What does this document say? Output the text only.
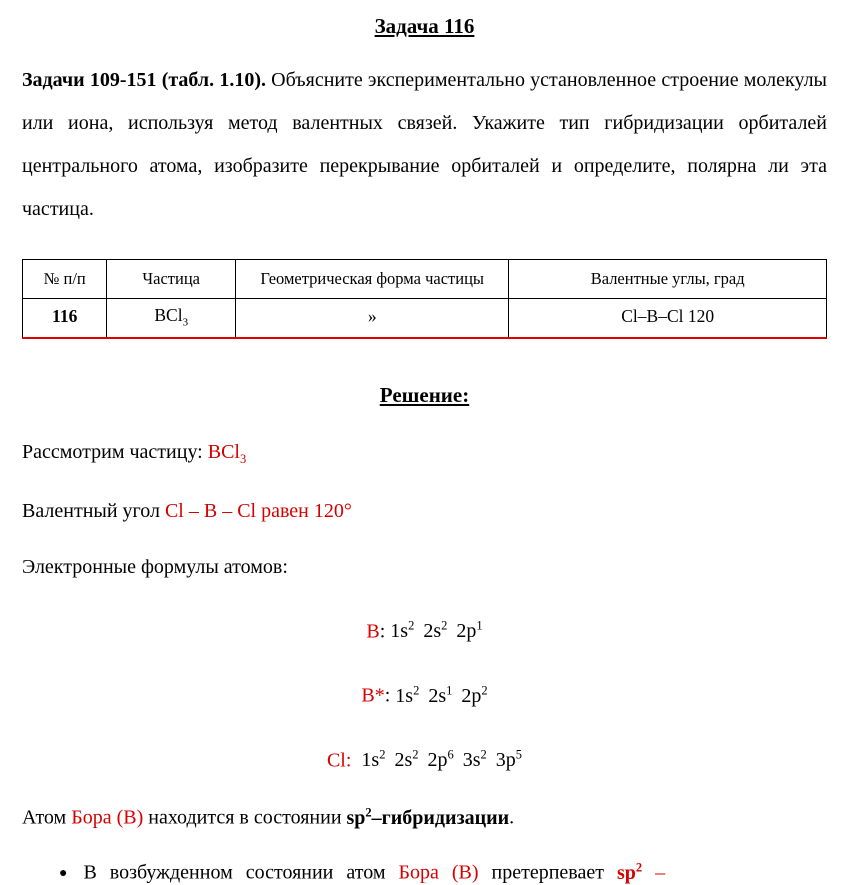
Задача 116

Задачи 109-151 (табл. 1.10). Объясните экспериментально установленное строение молекулы или иона, используя метод валентных связей. Укажите тип гибридизации орбиталей центрального атома, изобразите перекрывание орбиталей и определите, полярна ли эта частица.

№ п/п	Частица	Геометрическая форма частицы	Валентные углы, град
116	BCl$_3$	»	Cl–B–Cl 120
Решение:

Рассмотрим частицу: BCl$_3$

Валентный угол Cl – B – Cl равен 120°

Электронные формулы атомов:

B: $1s^2$ $2s^2$ $2p^1$

B*: $1s^2$ $2s^1$ $2p^2$

Cl: $1s^2$ $2s^2$ $2p^6$ $3s^2$ $3p^5$

Атом Бора (B) находится в состоянии $sp^2$–гибридизации.

● В возбужденном состоянии атом Бора (B) претерпевает $sp^2$ –
